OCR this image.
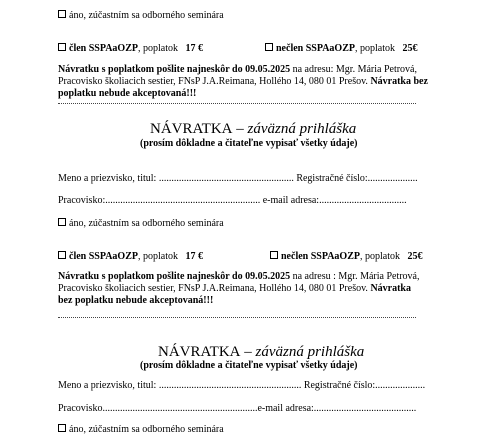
áno, zúčastním sa odborného seminára
člen SSPAaOZP, poplatok 17 €	nečlen SSPAaOZP, poplatok 25€
Návratku s poplatkom pošlite najneskôr do 09.05.2025 na adresu: Mgr. Mária Petrová, Pracovisko školiacich sestier, FNsP J.A.Reimana, Hollého 14, 080 01 Prešov. Návratka bez poplatku nebude akceptovaná!!!
NÁVRATKA – záväzná prihláška
(prosím dôkladne a čitateľne vypisať všetky údaje)
Meno a priezvisko, titul: ...................................................... Registračné číslo:....................
Pracovisko:.............................................................. e-mail adresa:...................................
áno, zúčastním sa odborného seminára
člen SSPAaOZP, poplatok 17 €	nečlen SSPAaOZP, poplatok 25€
Návratku s poplatkom pošlite najneskôr do 09.05.2025 na adresu : Mgr. Mária Petrová, Pracovisko školiacich sestier, FNsP J.A.Reimana, Hollého 14, 080 01 Prešov. Návratka bez poplatku nebude akceptovaná!!!
NÁVRATKA – záväzná prihláška
(prosím dôkladne a čitateľne vypisať všetky údaje)
Meno a priezvisko, titul: ......................................................... Registračné číslo:....................
Pracovisko..............................................................e-mail adresa:.........................................
áno, zúčastním sa odborného seminára
